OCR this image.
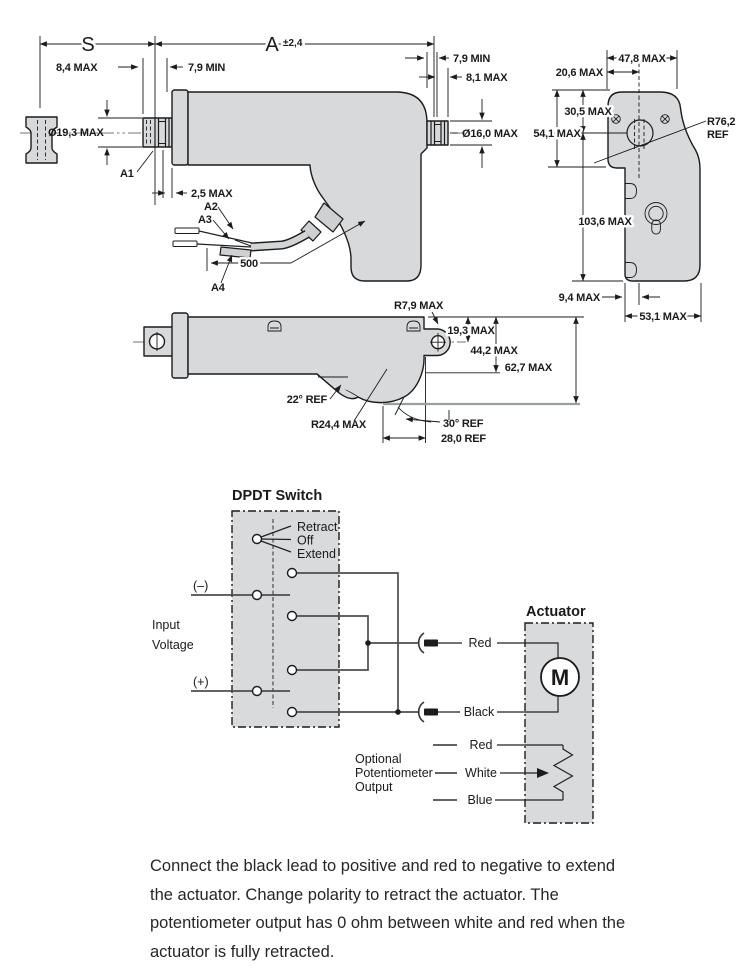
S	A ±2,4
8,4 MAX	7,9 MIN
7,9 MIN
8,1 MAX
Ø19,3 MAX	Ø16,0 MAX
A1
2,5 MAX
A2
A3
500
A4
47,8 MAX
20,6 MAX
30,5 MAX
54,1 MAX
R76,2
REF
103,6 MAX
9,4 MAX
53,1 MAX
R7,9 MAX
19,3 MAX
44,2 MAX
62,7 MAX
22° REF
R24,4 MAX	30° REF
28,0 REF
DPDT Switch
Retract
Off
Extend
(–)
(+)
Input
Voltage
Actuator
Red
Black
M
Red
White
Blue
Optional
Potentiometer
Output

Connect the black lead to positive and red to negative to extend the actuator. Change polarity to retract the actuator. The potentiometer output has 0 ohm between white and red when the actuator is fully retracted.
